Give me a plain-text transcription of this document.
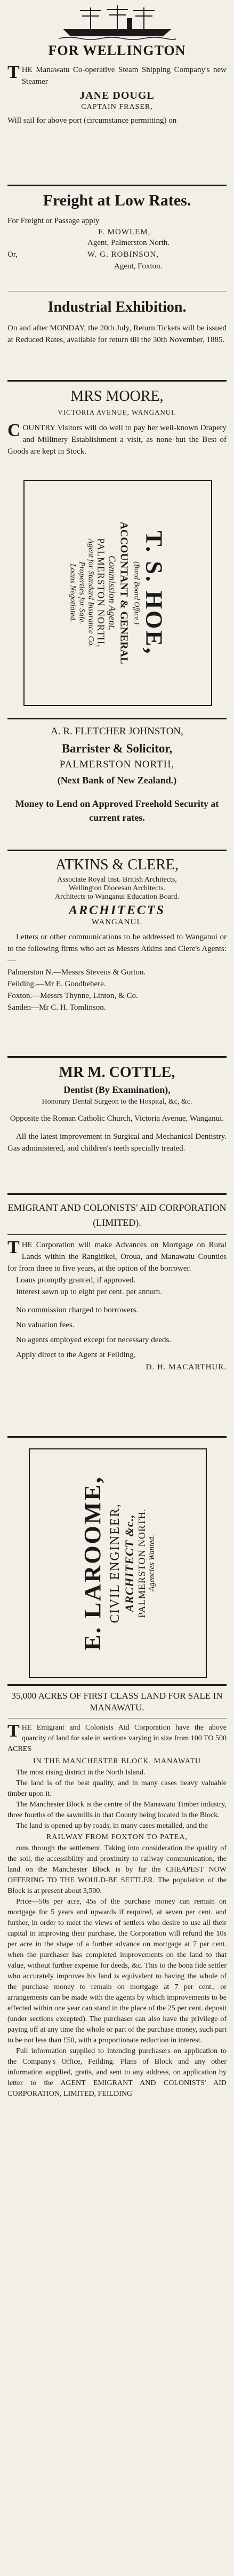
FOR WELLINGTON

THE Manawatu Co-operative Steam Shipping Company's new Steamer

JANE DOUGL
CAPTAIN FRASER,

Will sail for above port (circumstance permitting) on

Freight at Low Rates.

For Freight or Passage apply

F. MOWLEM,
Agent, Palmerston North.
Or,	W. G. ROBINSON,
Agent, Foxton.
Industrial Exhibition.

On and after MONDAY, the 20th July, Return Tickets will be issued at Reduced Rates, available for return till the 30th November, 1885.

MRS MOORE,
VICTORIA AVENUE, WANGANUI.

COUNTRY Visitors will do well to pay her well-known Drapery and Millinery Establishment a visit, as none but the Best of Goods are kept in Stock.

T. S. HOE,
(Bond Board Office.)
ACCOUNTANT & GENERAL
Commission Agent,
PALMERSTON NORTH,
Agent for Standard Insurance Co.
Properties for Sale.
Loans Negotiated.
A. R. FLETCHER JOHNSTON,
Barrister & Solicitor,
PALMERSTON NORTH,
(Next Bank of New Zealand.)

Money to Lend on Approved Freehold Security at current rates.

ATKINS & CLERE,
Associate Royal Inst. British Architects,
Wellington Diocesan Architects.
Architects to Wanganui Education Board.
ARCHITECTS
WANGANUI.

Letters or other communications to be addressed to Wanganui or to the following firms who act as Messrs Atkins and Clere's Agents:—

Palmerston N.—Messrs Stevens & Gorton.

Feilding.—Mr E. Goodbehere.

Foxton.—Messrs Thynne, Linton, & Co.

Sanden—Mr C. H. Tomlinson.

MR M. COTTLE,
Dentist (By Examination),
Honorary Dental Surgeon to the Hospital, &c, &c.

Opposite the Roman Catholic Church, Victoria Avenue, Wanganui.

All the latest improvement in Surgical and Mechanical Dentistry. Gas administered, and children's teeth specially treated.

EMIGRANT AND COLONISTS' AID CORPORATION (LIMITED).

THE Corporation will make Advances on Mortgage on Rural Lands within the Rangitikei, Oroua, and Manawatu Counties for from three to five years, at the option of the borrower.

Loans promptly granted, if approved.

Interest sewn up to eight per cent. per annum.

No commission charged to borrowers.

No valuation fees.

No agents employed except for necessary deeds.

Apply direct to the Agent at Feilding,

D. H. MACARTHUR.
E. LAROOME, CIVIL ENGINEER, ARCHITECT &c., PALMERSTON NORTH. Agencies Wanted.
35,000 ACRES OF FIRST CLASS LAND FOR SALE IN MANAWATU.

THE Emigrant and Colonists Aid Corporation have the above quantity of land for sale in sections varying in size from 100 TO 500 ACRES

IN THE MANCHESTER BLOCK, MANAWATU

The most rising district in the North Island.

The land is of the best quality, and in many cases heavy valuable timber upon it.

The Manchester Block is the centre of the Manawatu Timber industry, three fourths of the sawmills in that County being located in the Block.

The land is opened up by roads, in many cases metalled, and the

RAILWAY FROM FOXTON TO PATEA,

runs through the settlement. Taking into consideration the quality of the soil, the accessibility and proximity to railway communication, the land on the Manchester Block is by far the CHEAPEST NOW OFFERING TO THE WOULD-BE SETTLER. The population of the Block is at present about 3,500.

Price—50s per acre, 45s of the purchase money can remain on mortgage for 5 years and upwards if required, at seven per cent. and further, in order to meet the views of settlers who desire to use all their capital in improving their purchase, the Corporation will refund the 10s per acre in the shape of a further advance on mortgage at 7 per cent. when the purchaser has completed improvements on the land to that value, without further expense for deeds, &c. This to the bona fide settler who accurately improves his land is equivalent to having the whole of the purchase money to remain on mortgage at 7 per cent., or arrangements can be made with the agents by which improvements to be effected within one year can stand in the place of the 25 per cent. deposit (under sections excepted). The purchaser can also have the privilege of paying off at any time the whole or part of the purchase money, such part to be not less than £50, with a proportionate reduction in interest.

Full information supplied to intending purchasers on application to the Company's Office, Feilding. Plans of Block and any other information supplied, gratis, and sent to any address, on application by letter to the AGENT EMIGRANT AND COLONISTS' AID CORPORATION, LIMITED, FEILDING
